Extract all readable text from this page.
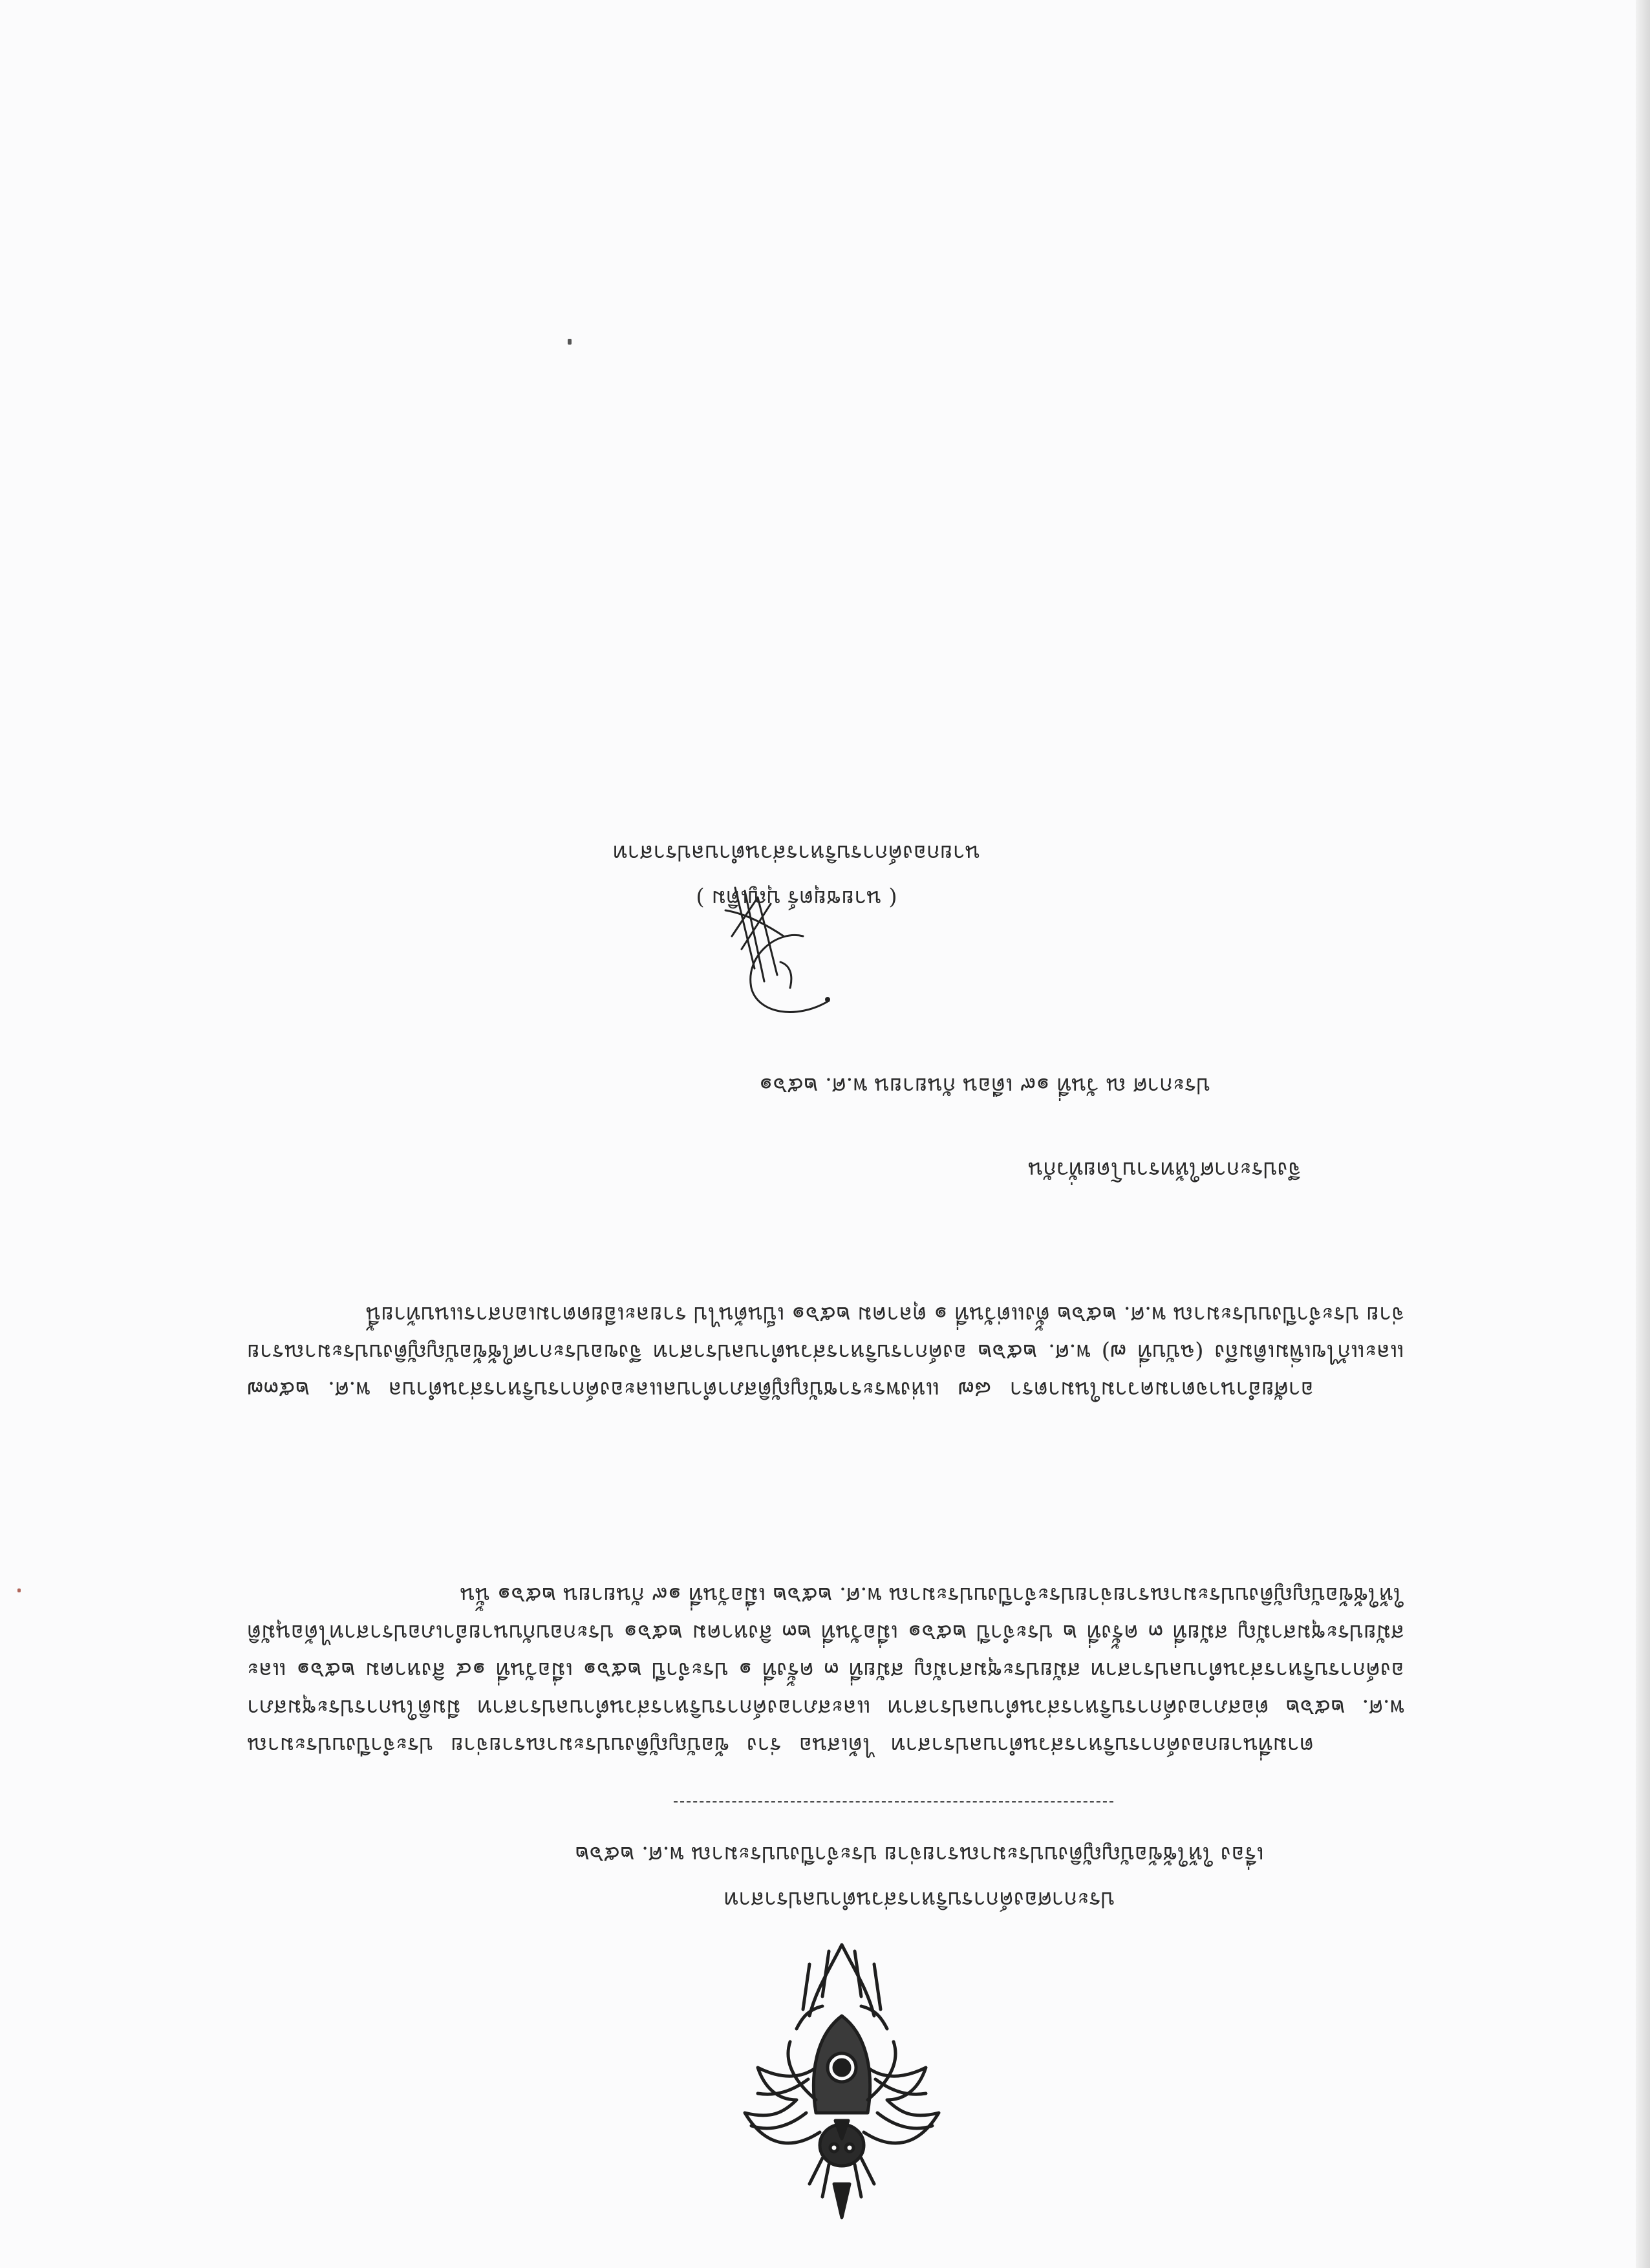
ประกาศองค์การบริหารส่วนตำบลปราสาท
เรื่อง ให้ใช้ข้อบัญญัติงบประมาณรายจ่าย ประจำปีงบประมาณ พ.ศ. ๒๕๖๒
ตามที่นายกองค์การบริหารส่วนตำบลปราสาท ได้เสนอ ร่าง ข้อบัญญัติงบประมาณรายจ่าย ประจำปีงบประมาณ พ.ศ. ๒๕๖๒ ต่อสภาองค์การบริหารส่วนตำบลปราสาท และสภาองค์การบริหารส่วนตำบลปราสาท มีมติในการประชุมสภาองค์การบริหารส่วนตำบลปราสาท สมัยประชุมสามัญ สมัยที่ ๓ ครั้งที่ ๑ ประจำปี ๒๕๖๑ เมื่อวันที่ ๑๔ สิงหาคม ๒๕๖๑ และสมัยประชุมสามัญ สมัยที่ ๓ ครั้งที่ ๒ ประจำปี ๒๕๖๑ เมื่อวันที่ ๒๓ สิงหาคม ๒๕๖๑ ประกอบกับนายอำเภอปราสาทได้อนุมัติ ให้ใช้ข้อบัญญัติงบประมาณรายจ่ายประจำปีงบประมาณ พ.ศ. ๒๕๖๒ เมื่อวันที่ ๑๙ กันยายน ๒๕๖๑ นั้น
อาศัยอำนาจตามความในมาตรา ๘๗ แห่งพระราชบัญญัติสภาตำบลและองค์การบริหารส่วนตำบล พ.ศ. ๒๕๓๗ และแก้ไขเพิ่มเติมถึง (ฉบับที่ ๗) พ.ศ. ๒๕๖๒ องค์การบริหารส่วนตำบลปราสาท จึงขอประกาศใช้ข้อบัญญัติงบประมาณรายจ่าย ประจำปีงบประมาณ พ.ศ. ๒๕๖๒ ตั้งแต่วันที่ ๑ ตุลาคม ๒๕๖๑ เป็นต้นไป รายละเอียดตามเอกสารแนบท้ายนี้
จึงประกาศให้ทราบโดยทั่วกัน
ประกาศ ณ วันที่ ๑๙ เดือน กันยายน พ.ศ. ๒๕๖๑
( นายชยุตร์ บุญเติม )
นายกองค์การบริหารส่วนตำบลปราสาท
